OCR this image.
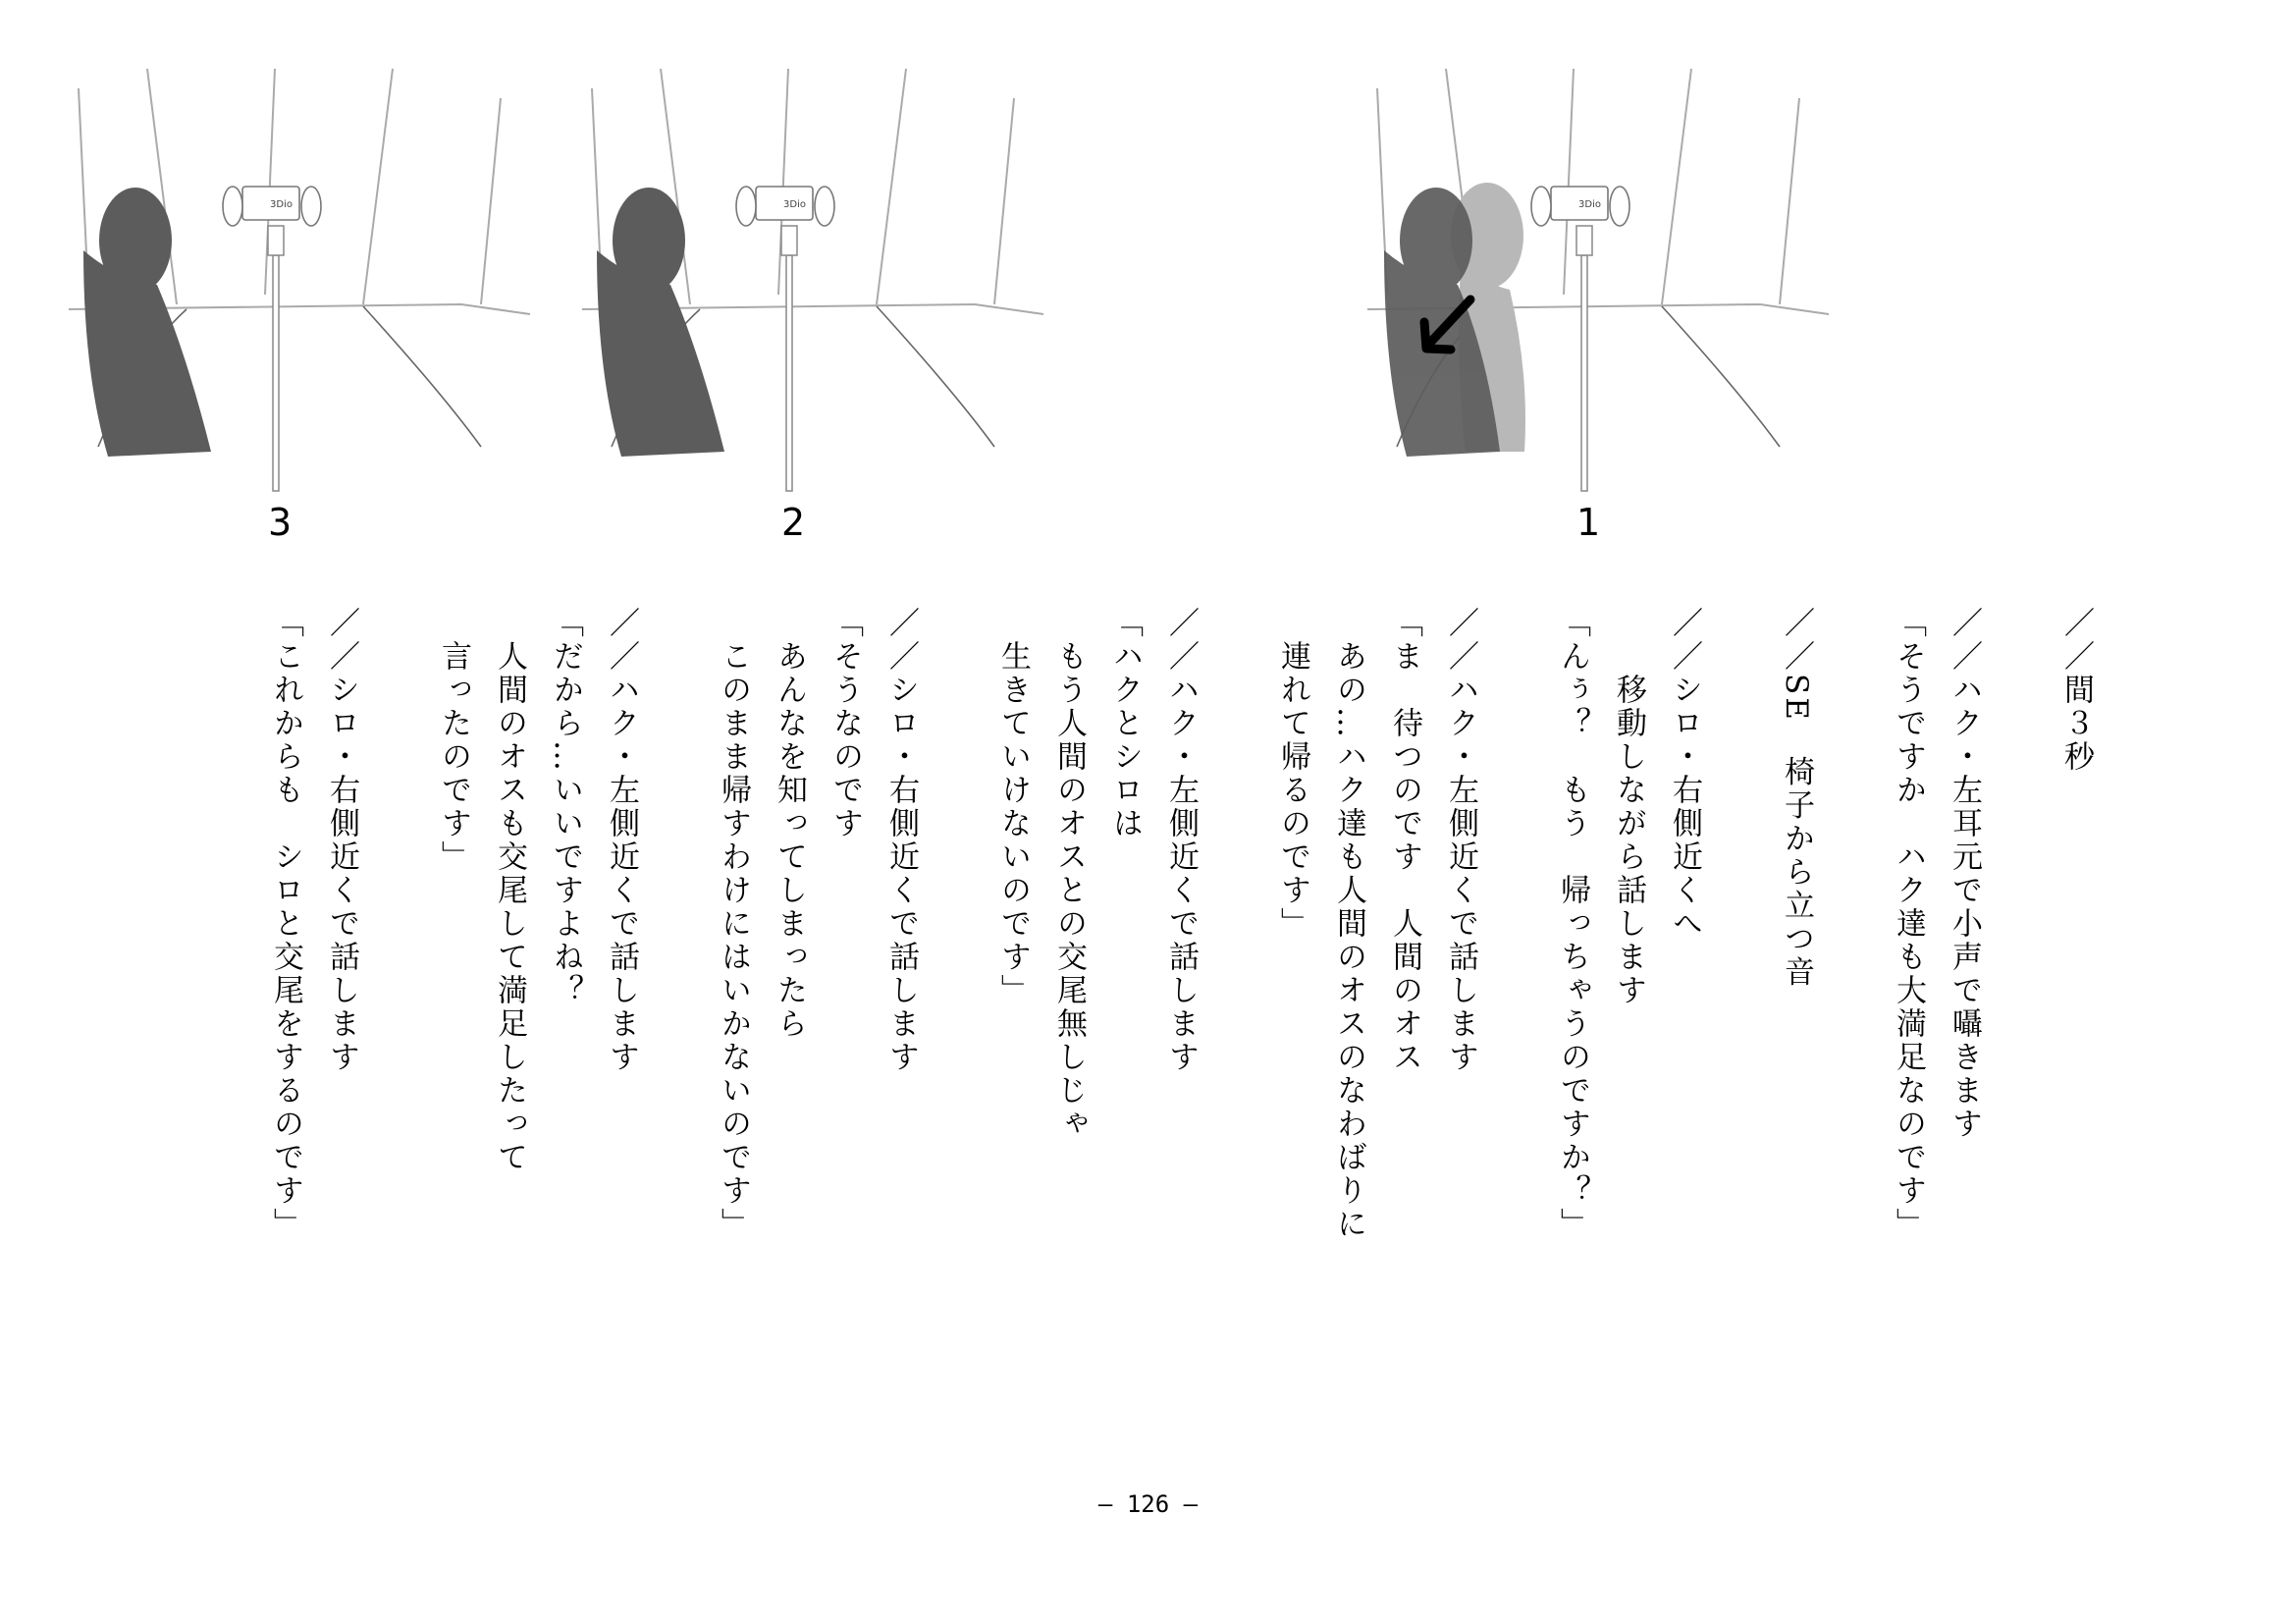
3Dio
3
3Dio
2
3Dio
1

／／間３秒

／／ハク・左耳元で小声で囁きます

「そうですか　ハク達も大満足なのです」

／／SE　椅子から立つ音

／／シロ・右側近くへ

　　移動しながら話します

「んぅ？　もう　帰っちゃうのですか？」

／／ハク・左側近くで話します

「ま　待つのです　人間のオス

　あの…ハク達も人間のオスのなわばりに

　連れて帰るのです」

／／ハク・左側近くで話します

「ハクとシロは

　もう人間のオスとの交尾無しじゃ

　生きていけないのです」

／／シロ・右側近くで話します

「そうなのです

　あんなを知ってしまったら

　このまま帰すわけにはいかないのです」

／／ハク・左側近くで話します

「だから…いいですよね？

　人間のオスも交尾して満足したって

　言ったのです」

／／シロ・右側近くで話します

「これからも　シロと交尾をするのです」

― 126 ―
